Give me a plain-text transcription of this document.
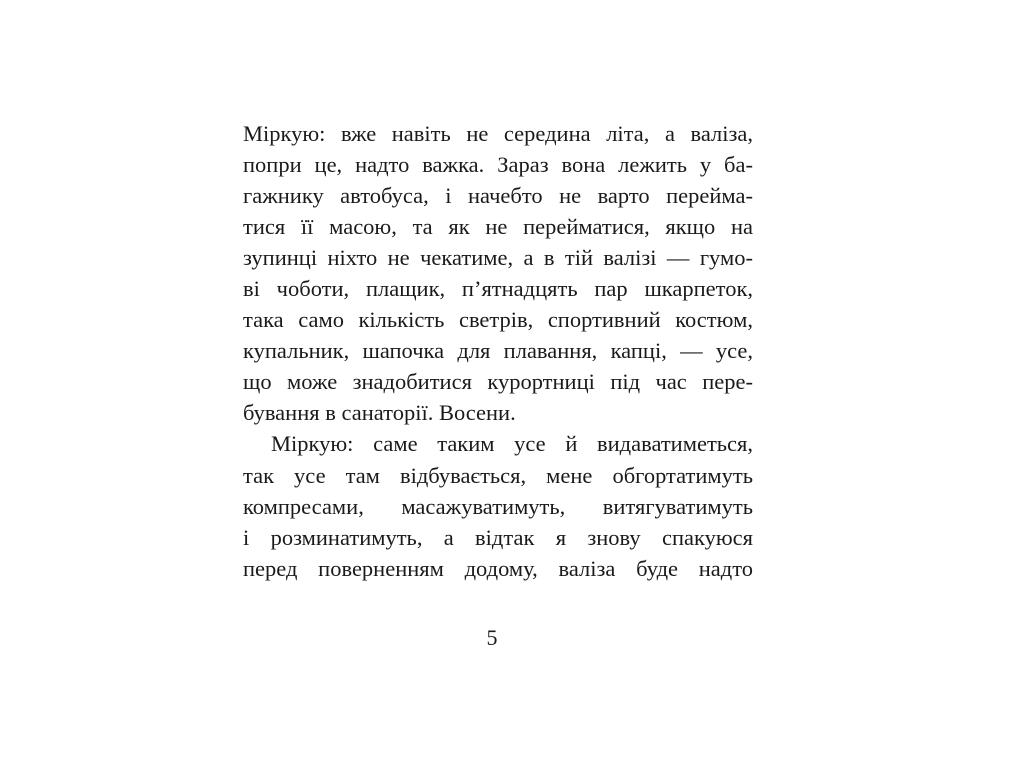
Міркую: вже навіть не середина літа, а валіза,
попри це, надто важка. Зараз вона лежить у ба-
гажнику автобуса, і начебто не варто перейма-
тися її масою, та як не перейматися, якщо на
зупинці ніхто не чекатиме, а в тій валізі — гумо-
ві чоботи, плащик, п’ятнадцять пар шкарпеток,
така само кількість светрів, спортивний костюм,
купальник, шапочка для плавання, капці, — усе,
що може знадобитися курортниці під час пере-
бування в санаторії. Восени.
Міркую: саме таким усе й видаватиметься,
так усе там відбувається, мене обгортатимуть
компресами, масажуватимуть, витягуватимуть
і розминатимуть, а відтак я знову спакуюся
перед поверненням додому, валіза буде надто
5
